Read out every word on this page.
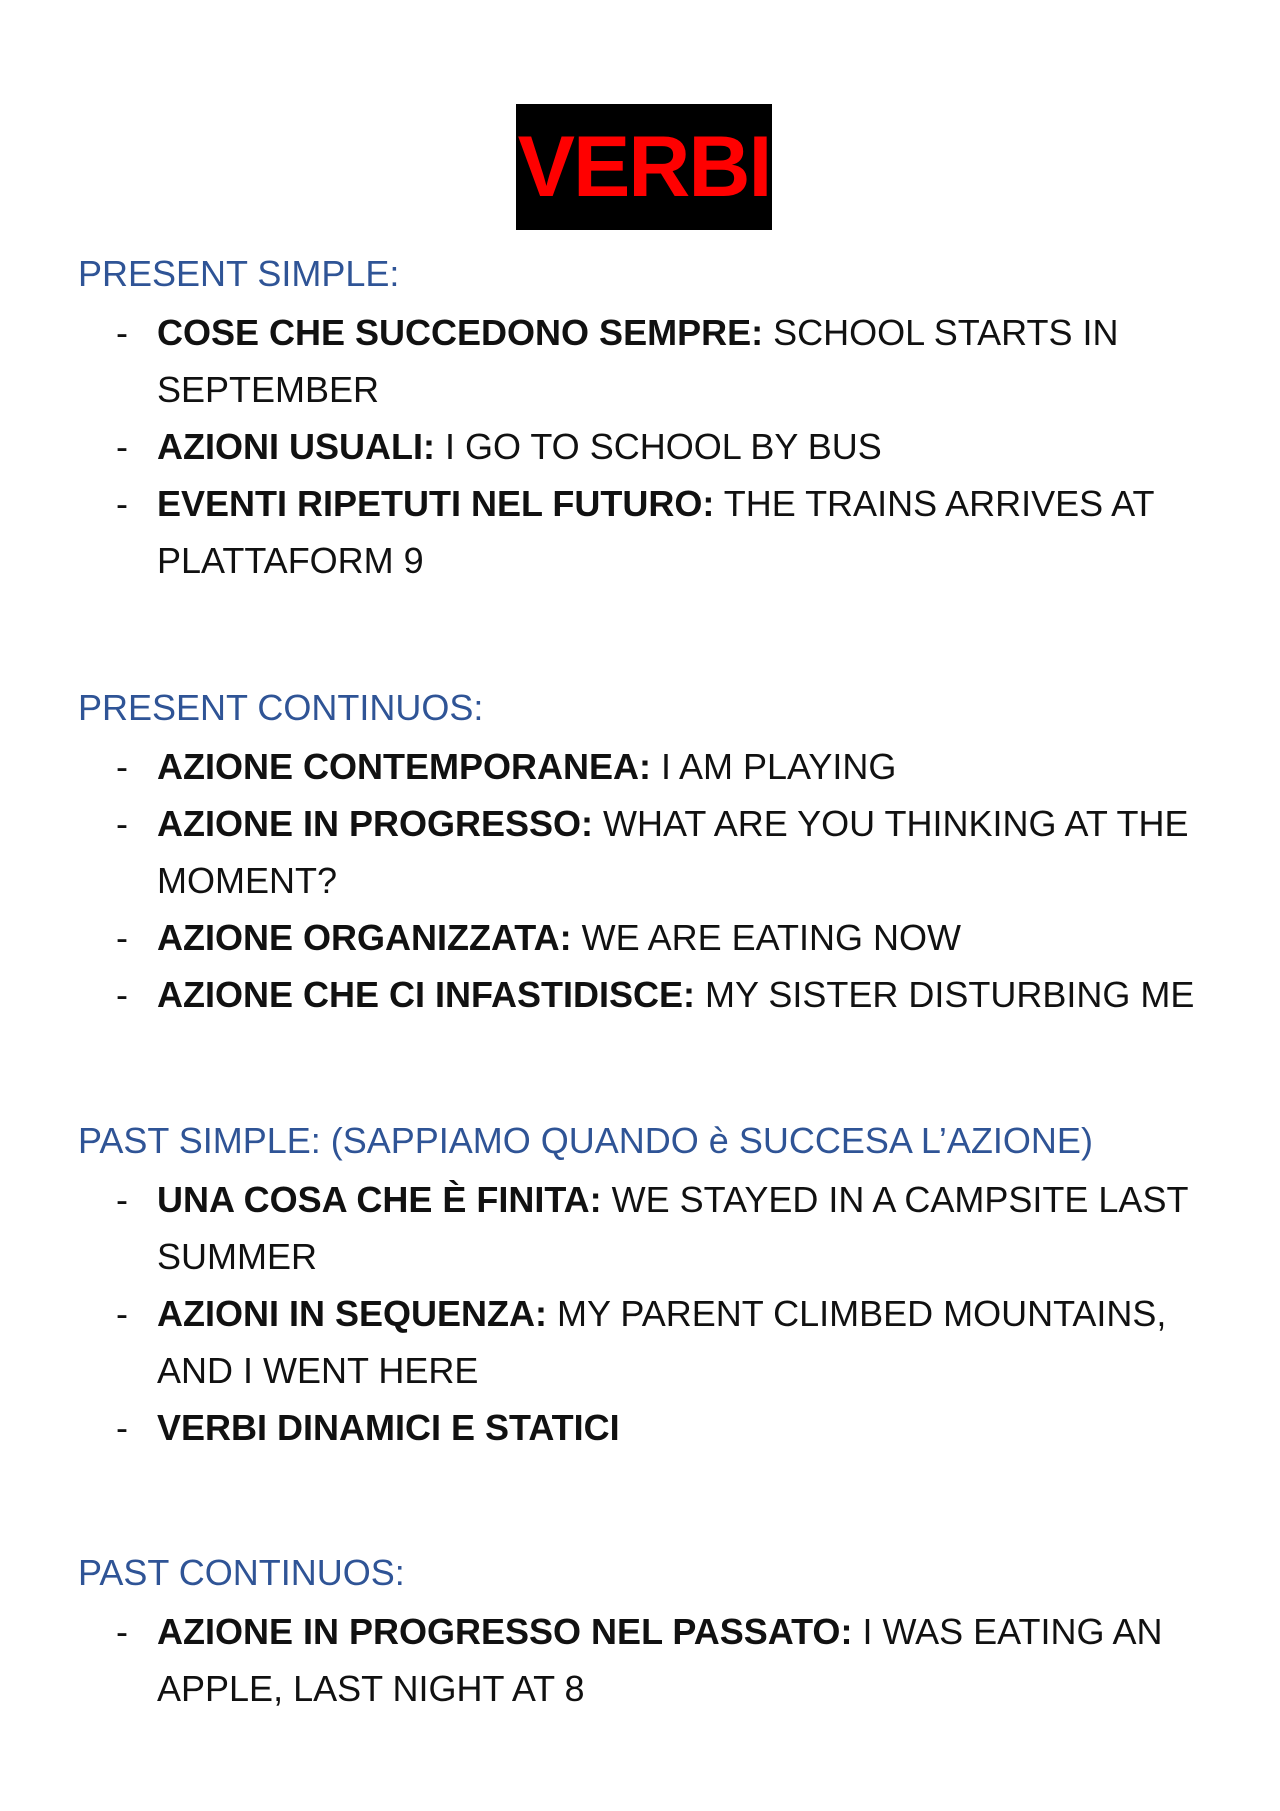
VERBI
PRESENT SIMPLE:
- COSE CHE SUCCEDONO SEMPRE: SCHOOL STARTS IN SEPTEMBER
- AZIONI USUALI: I GO TO SCHOOL BY BUS
- EVENTI RIPETUTI NEL FUTURO: THE TRAINS ARRIVES AT PLATTAFORM 9
PRESENT CONTINUOS:
- AZIONE CONTEMPORANEA: I AM PLAYING
- AZIONE IN PROGRESSO: WHAT ARE YOU THINKING AT THE MOMENT?
- AZIONE ORGANIZZATA: WE ARE EATING NOW
- AZIONE CHE CI INFASTIDISCE: MY SISTER DISTURBING ME
PAST SIMPLE: (SAPPIAMO QUANDO è SUCCESA L’AZIONE)
- UNA COSA CHE È FINITA: WE STAYED IN A CAMPSITE LAST SUMMER
- AZIONI IN SEQUENZA: MY PARENT CLIMBED MOUNTAINS, AND I WENT HERE
- VERBI DINAMICI E STATICI
PAST CONTINUOS:
- AZIONE IN PROGRESSO NEL PASSATO: I WAS EATING AN APPLE, LAST NIGHT AT 8
